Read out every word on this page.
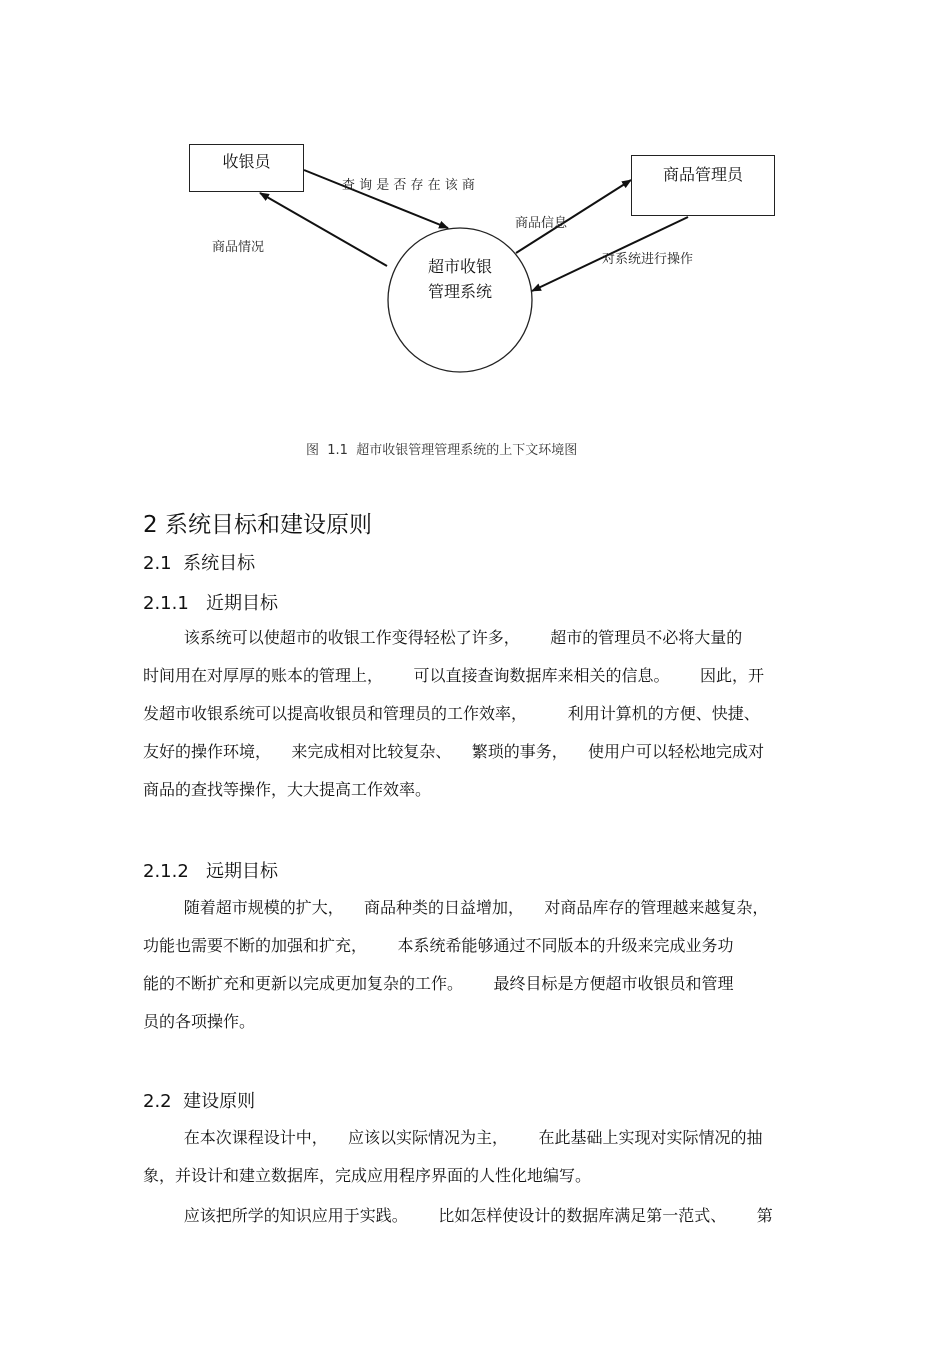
收银员
商品管理员
超市收银
管理系统
查 询 是 否 存 在 该 商
商品情况
商品信息
对系统进行操作
图  1.1  超市收银管理管理系统的上下文环境图
2 系统目标和建设原则
2.1  系统目标
2.1.1   近期目标
该系统可以使超市的收银工作变得轻松了许多，      超市的管理员不必将大量的
时间用在对厚厚的账本的管理上，      可以直接查询数据库来相关的信息。      因此，开
发超市收银系统可以提高收银员和管理员的工作效率，        利用计算机的方便、快捷、
友好的操作环境，    来完成相对比较复杂、    繁琐的事务，    使用户可以轻松地完成对
商品的查找等操作，大大提高工作效率。
2.1.2   远期目标
随着超市规模的扩大，    商品种类的日益增加，    对商品库存的管理越来越复杂，
功能也需要不断的加强和扩充，      本系统希能够通过不同版本的升级来完成业务功
能的不断扩充和更新以完成更加复杂的工作。      最终目标是方便超市收银员和管理
员的各项操作。
2.2  建设原则
在本次课程设计中，    应该以实际情况为主，      在此基础上实现对实际情况的抽
象，并设计和建立数据库，完成应用程序界面的人性化地编写。
应该把所学的知识应用于实践。      比如怎样使设计的数据库满足第一范式、      第
